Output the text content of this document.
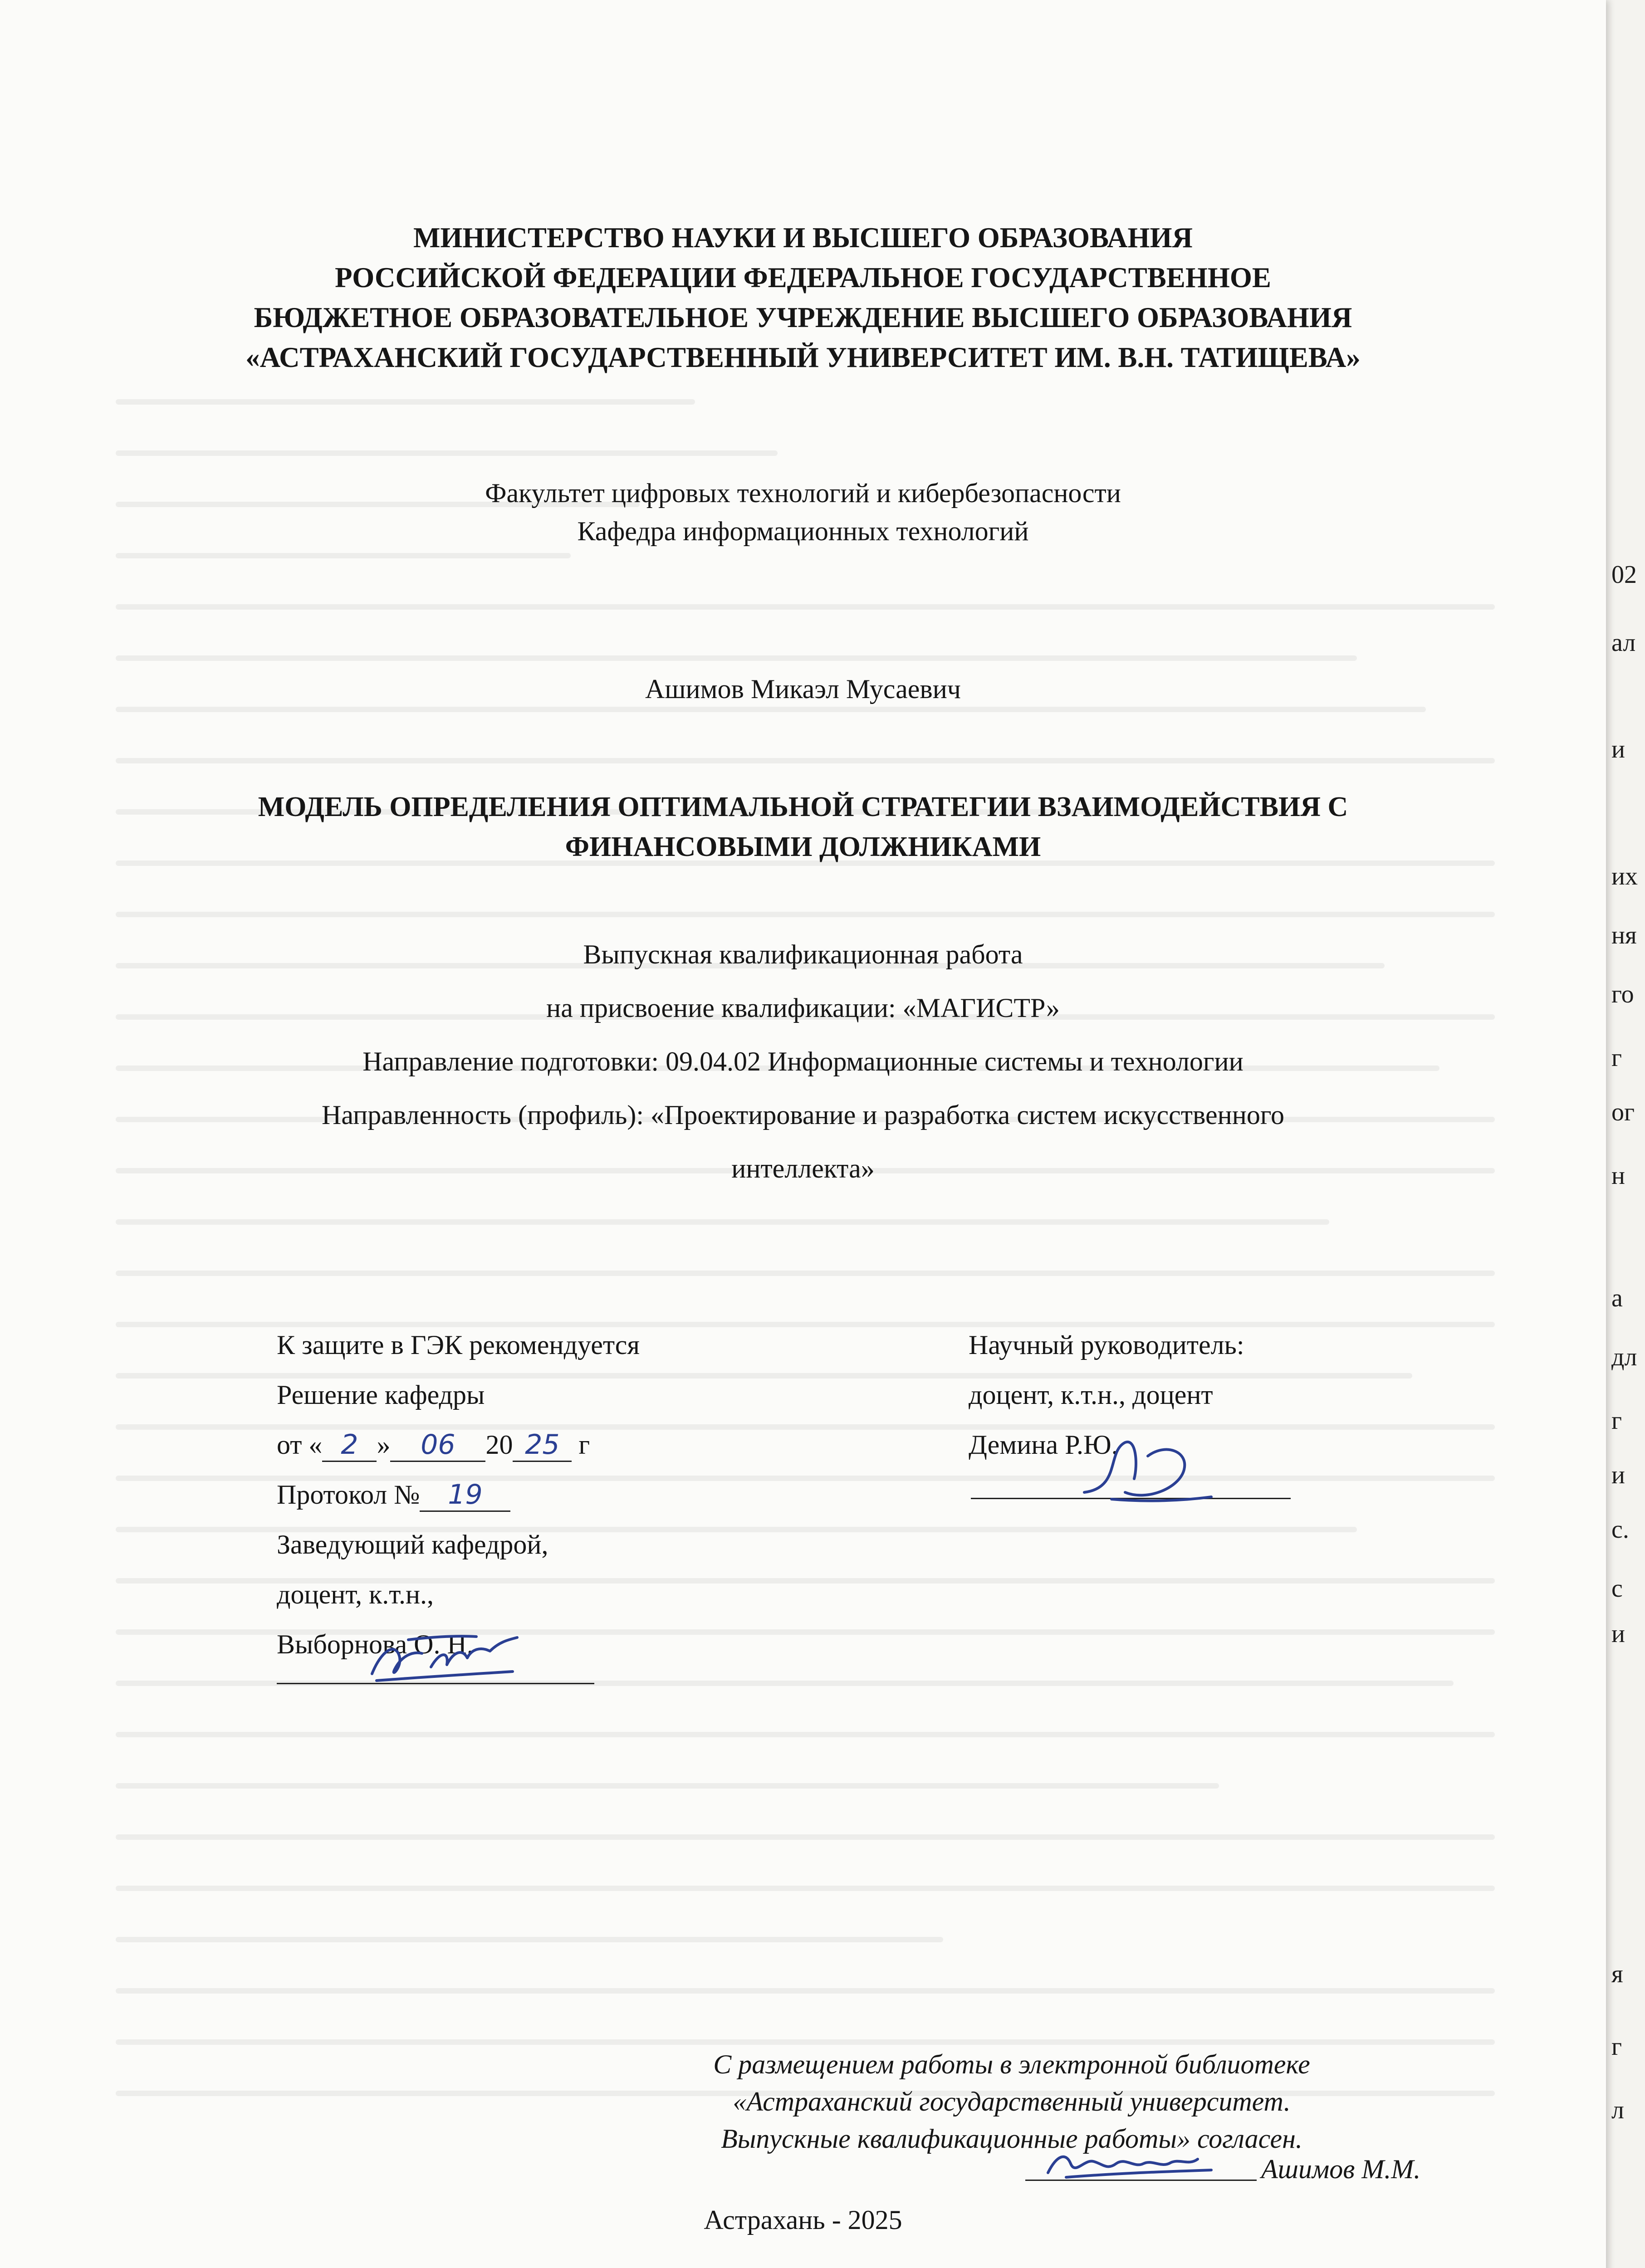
02
ал
и
их
ня
го
г
ог
н
а
дл
г
и
с.
с
и
я
г
л
МИНИСТЕРСТВО НАУКИ И ВЫСШЕГО ОБРАЗОВАНИЯ
РОССИЙСКОЙ ФЕДЕРАЦИИ ФЕДЕРАЛЬНОЕ ГОСУДАРСТВЕННОЕ
БЮДЖЕТНОЕ ОБРАЗОВАТЕЛЬНОЕ УЧРЕЖДЕНИЕ ВЫСШЕГО ОБРАЗОВАНИЯ
«АСТРАХАНСКИЙ ГОСУДАРСТВЕННЫЙ УНИВЕРСИТЕТ ИМ. В.Н. ТАТИЩЕВА»
Факультет цифровых технологий и кибербезопасности
Кафедра информационных технологий
Ашимов Микаэл Мусаевич
МОДЕЛЬ ОПРЕДЕЛЕНИЯ ОПТИМАЛЬНОЙ СТРАТЕГИИ ВЗАИМОДЕЙСТВИЯ С
ФИНАНСОВЫМИ ДОЛЖНИКАМИ
Выпускная квалификационная работа
на присвоение квалификации: «МАГИСТР»
Направление подготовки: 09.04.02 Информационные системы и технологии
Направленность (профиль): «Проектирование и разработка систем искусственного
интеллекта»
К защите в ГЭК рекомендуется
Решение кафедры
от « 2 » 06 20 25 г
Протокол № 19
Заведующий кафедрой,
доцент, к.т.н.,
Выборнова О. Н.
Научный руководитель:
доцент, к.т.н., доцент
Демина Р.Ю.
С размещением работы в электронной библиотеке
«Астраханский государственный университет.
Выпускные квалификационные работы» согласен.
Ашимов М.М.
Астрахань - 2025
